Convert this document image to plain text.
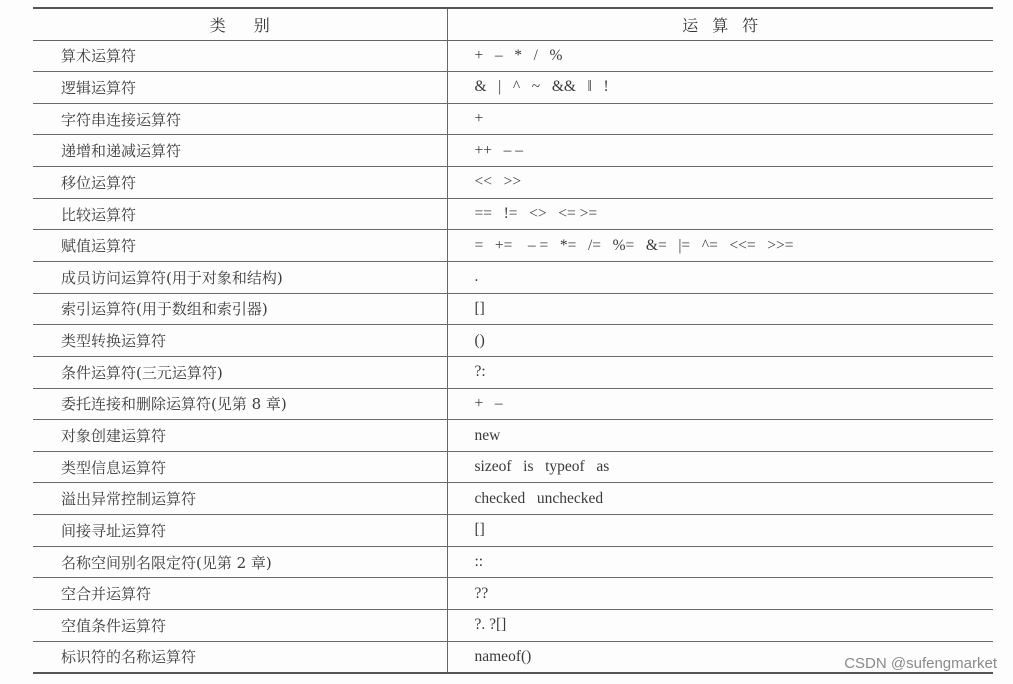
类 别	运 算 符
算术运算符	+   –   *   /   %
逻辑运算符	&   |   ^   ~   &&   ‖   !
字符串连接运算符	+
递增和递减运算符	++   – –
移位运算符	<<   >>
比较运算符	==   !=   <>   <= >=
赋值运算符	=   +=    – =   *=   /=   %=   &=   |=   ^=   <<=   >>=
成员访问运算符(用于对象和结构)	.
索引运算符(用于数组和索引器)	[]
类型转换运算符	()
条件运算符(三元运算符)	?:
委托连接和删除运算符(见第 8 章)	+   –
对象创建运算符	new
类型信息运算符	sizeof   is   typeof   as
溢出异常控制运算符	checked   unchecked
间接寻址运算符	[]
名称空间别名限定符(见第 2 章)	::
空合并运算符	??
空值条件运算符	?. ?[]
标识符的名称运算符	nameof()	CSDN @sufengmarket
